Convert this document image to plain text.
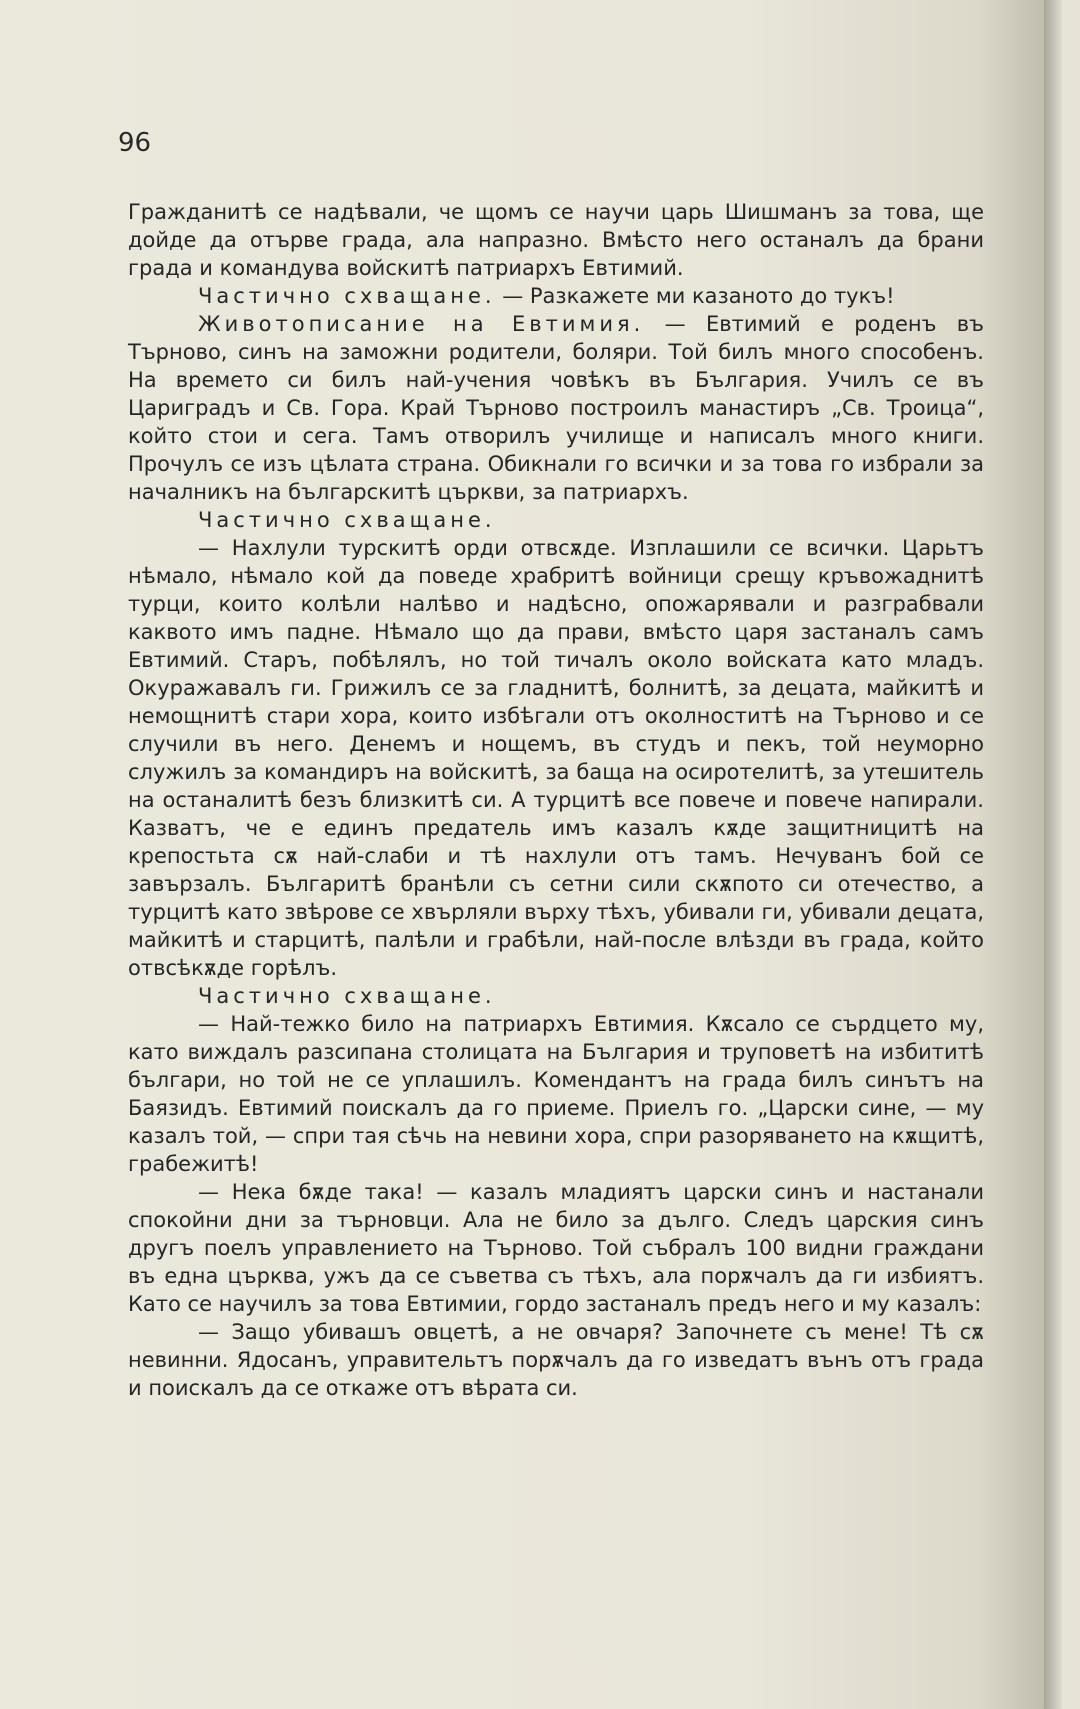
96

Гражданитѣ се надѣвали, че щомъ се научи царь Шишманъ за това, ще дойде да отърве града, ала напразно. Вмѣсто него останалъ да брани града и командува войскитѣ патриархъ Евтимий.

Частично схващане. — Разкажете ми казаното до тукъ!

Животописание на Евтимия. — Евтимий е роденъ въ Търново, синъ на заможни родители, боляри. Той билъ много способенъ. На времето си билъ най-учения човѣкъ въ България. Училъ се въ Цариградъ и Св. Гора. Край Търново построилъ манастиръ „Св. Троица“, който стои и сега. Тамъ отворилъ училище и написалъ много книги. Прочулъ се изъ цѣлата страна. Обикнали го всички и за това го избрали за началникъ на българскитѣ църкви, за патриархъ.

Частично схващане.

— Нахлули турскитѣ орди отвсѫде. Изплашили се всички. Царьтъ нѣмало, нѣмало кой да поведе храбритѣ войници срещу кръвожаднитѣ турци, които колѣли налѣво и надѣсно, опожарявали и разграбвали каквото имъ падне. Нѣмало що да прави, вмѣсто царя застаналъ самъ Евтимий. Старъ, побѣлялъ, но той тичалъ около войската като младъ. Окуражавалъ ги. Грижилъ се за гладнитѣ, болнитѣ, за децата, майкитѣ и немощнитѣ стари хора, които избѣгали отъ околноститѣ на Търново и се случили въ него. Денемъ и нощемъ, въ студъ и пекъ, той неуморно служилъ за командиръ на войскитѣ, за баща на осиротелитѣ, за утешитель на останалитѣ безъ близкитѣ си. А турцитѣ все повече и повече напирали. Казватъ, че е единъ предатель имъ казалъ кѫде защитницитѣ на крепостьта сѫ най-слаби и тѣ нахлули отъ тамъ. Нечуванъ бой се завързалъ. Българитѣ бранѣли съ сетни сили скѫпото си отечество, а турцитѣ като звѣрове се хвърляли върху тѣхъ, убивали ги, убивали децата, майкитѣ и старцитѣ, палѣли и грабѣли, най-после влѣзди въ града, който отвсѣкѫде горѣлъ.

Частично схващане.

— Най-тежко било на патриархъ Евтимия. Кѫсало се сърдцето му, като виждалъ разсипана столицата на България и труповетѣ на избититѣ българи, но той не се уплашилъ. Комендантъ на града билъ синътъ на Баязидъ. Евтимий поискалъ да го приеме. Приелъ го. „Царски сине, — му казалъ той, — спри тая сѣчь на невини хора, спри разоряването на кѫщитѣ, грабежитѣ!

— Нека бѫде така! — казалъ младиятъ царски синъ и настанали спокойни дни за търновци. Ала не било за дълго. Следъ царския синъ другъ поелъ управлението на Търново. Той събралъ 100 видни граждани въ една църква, ужъ да се съветва съ тѣхъ, ала порѫчалъ да ги избиятъ. Като се научилъ за това Евтимии, гордо застаналъ предъ него и му казалъ:

— Защо убивашъ овцетѣ, а не овчаря? Започнете съ мене! Тѣ сѫ невинни. Ядосанъ, управительтъ порѫчалъ да го изведатъ вънъ отъ града и поискалъ да се откаже отъ вѣрата си.
